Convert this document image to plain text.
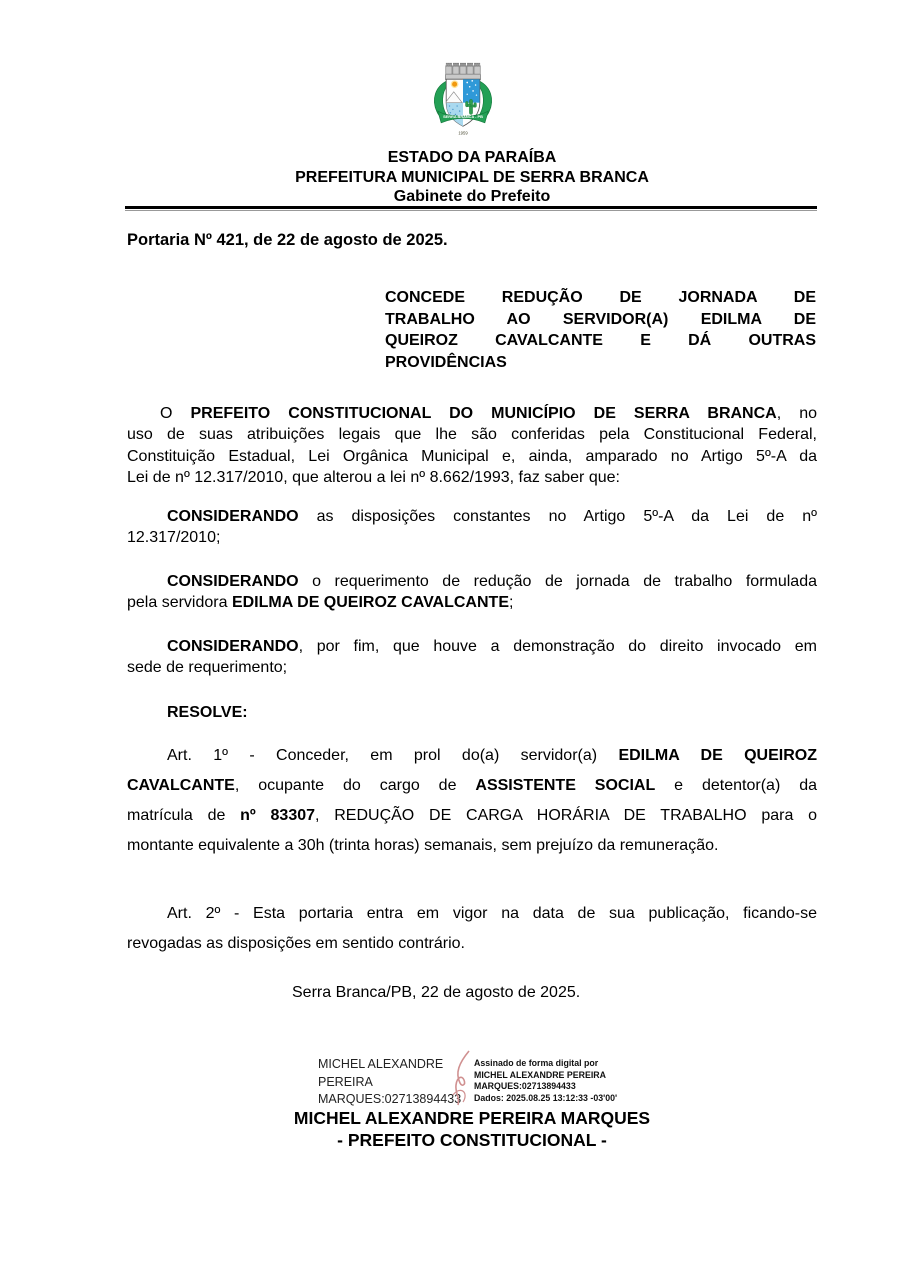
SERRA BRANCA - PB
1959
ESTADO DA PARAÍBA
PREFEITURA MUNICIPAL DE SERRA BRANCA
Gabinete do Prefeito
Portaria Nº 421, de 22 de agosto de 2025.
CONCEDE REDUÇÃO DE JORNADA DE
TRABALHO AO SERVIDOR(A) EDILMA DE
QUEIROZ CAVALCANTE E DÁ OUTRAS
PROVIDÊNCIAS
O PREFEITO CONSTITUCIONAL DO MUNICÍPIO DE SERRA BRANCA, no
uso de suas atribuições legais que lhe são conferidas pela Constitucional Federal,
Constituição Estadual, Lei Orgânica Municipal e, ainda, amparado no Artigo 5º-A da
Lei de nº 12.317/2010, que alterou a lei nº 8.662/1993, faz saber que:
CONSIDERANDO as disposições constantes no Artigo 5º-A da Lei de nº
12.317/2010;
CONSIDERANDO o requerimento de redução de jornada de trabalho formulada
pela servidora EDILMA DE QUEIROZ CAVALCANTE;
CONSIDERANDO, por fim, que houve a demonstração do direito invocado em
sede de requerimento;
RESOLVE:
Art. 1º - Conceder, em prol do(a) servidor(a) EDILMA DE QUEIROZ
CAVALCANTE, ocupante do cargo de ASSISTENTE SOCIAL e detentor(a) da
matrícula de nº 83307, REDUÇÃO DE CARGA HORÁRIA DE TRABALHO para o
montante equivalente a 30h (trinta horas) semanais, sem prejuízo da remuneração.
Art. 2º - Esta portaria entra em vigor na data de sua publicação, ficando-se
revogadas as disposições em sentido contrário.
Serra Branca/PB, 22 de agosto de 2025.
MICHEL ALEXANDRE
PEREIRA
MARQUES:02713894433
Assinado de forma digital por
MICHEL ALEXANDRE PEREIRA
MARQUES:02713894433
Dados: 2025.08.25 13:12:33 -03'00'
MICHEL ALEXANDRE PEREIRA MARQUES
- PREFEITO CONSTITUCIONAL -
